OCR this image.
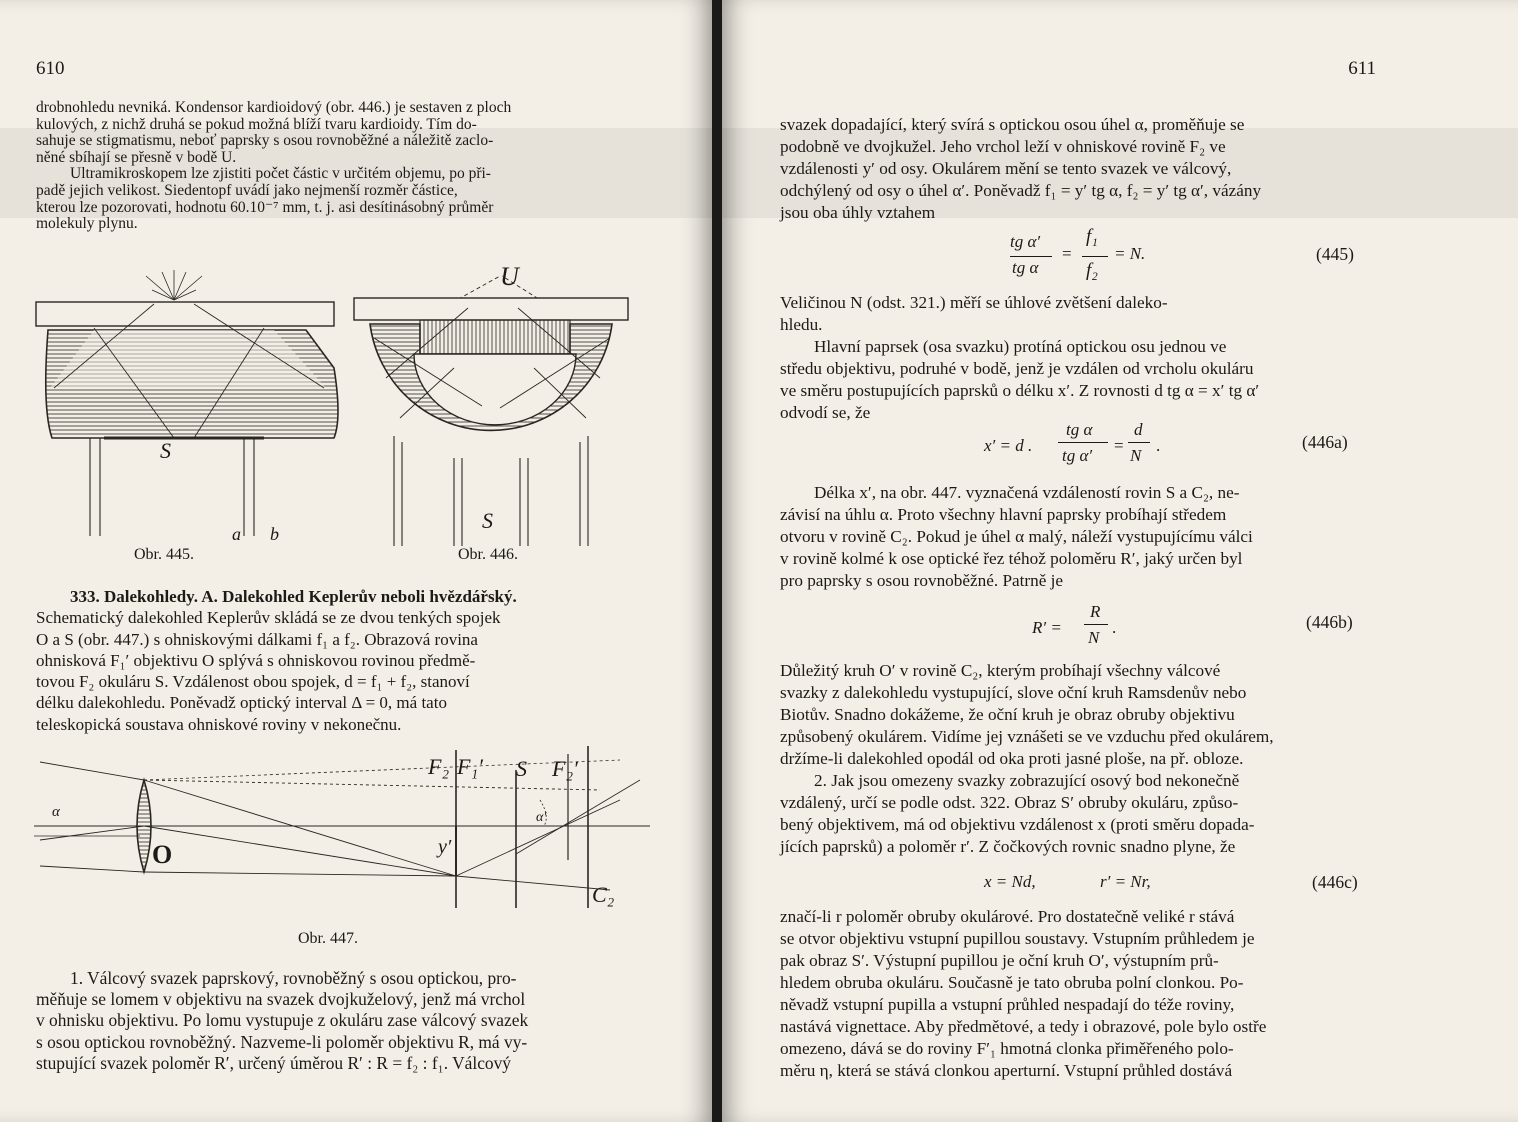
610
drobnohledu nevniká. Kondensor kardioidový (obr. 446.) je sestaven z ploch
kulových, z nichž druhá se pokud možná blíží tvaru kardioidy. Tím do-
sahuje se stigmatismu, neboť paprsky s osou rovnoběžné a náležitě zaclo-
něné sbíhají se přesně v bodě U.
Ultramikroskopem lze zjistiti počet částic v určitém objemu, po při-
padě jejich velikost. Siedentopf uvádí jako nejmenší rozměr částice,
kterou lze pozorovati, hodnotu 60.10⁻⁷ mm, t. j. asi desítinásobný průměr
molekuly plynu.
S
a b
Obr. 445.
U
S
Obr. 446.
333. Dalekohledy. A. Dalekohled Keplerův neboli hvězdářský.
Schematický dalekohled Keplerův skládá se ze dvou tenkých spojek
O a S (obr. 447.) s ohniskovými dálkami f₁ a f₂. Obrazová rovina
ohnisková F₁′ objektivu O splývá s ohniskovou rovinou předmě-
tovou F₂ okuláru S. Vzdálenost obou spojek, d = f₁ + f₂, stanoví
délku dalekohledu. Poněvadž optický interval Δ = 0, má tato
teleskopická soustava ohniskové roviny v nekonečnu.
F₂ F₁′ S F₂′
α	α′
O	y′
C₂
Obr. 447.
1. Válcový svazek paprskový, rovnoběžný s osou optickou, pro-
měňuje se lomem v objektivu na svazek dvojkuželový, jenž má vrchol
v ohnisku objektivu. Po lomu vystupuje z okuláru zase válcový svazek
s osou optickou rovnoběžný. Nazveme-li poloměr objektivu R, má vy-
stupující svazek poloměr R′, určený úměrou R′ : R = f₂ : f₁. Válcový
611
svazek dopadající, který svírá s optickou osou úhel α, proměňuje se
podobně ve dvojkužel. Jeho vrchol leží v ohniskové rovině F₂ ve
vzdálenosti y′ od osy. Okulárem mění se tento svazek ve válcový,
odchýlený od osy o úhel α′. Poněvadž f₁ = y′ tg α, f₂ = y′ tg α′, vázány
jsou oba úhly vztahem
tg α′
tg α
=
f₁
f₂
= N.	(445)
Veličinou N (odst. 321.) měří se úhlové zvětšení daleko-
hledu.
Hlavní paprsek (osa svazku) protíná optickou osu jednou ve
středu objektivu, podruhé v bodě, jenž je vzdálen od vrcholu okuláru
ve směru postupujících paprsků o délku x′. Z rovnosti d tg α = x′ tg α′
odvodí se, že
x′ = d .
tg α
tg α′
=
d
N
.	(446a)
Délka x′, na obr. 447. vyznačená vzdáleností rovin S a C₂, ne-
závisí na úhlu α. Proto všechny hlavní paprsky probíhají středem
otvoru v rovině C₂. Pokud je úhel α malý, náleží vystupujícímu válci
v rovině kolmé k ose optické řez téhož poloměru R′, jaký určen byl
pro paprsky s osou rovnoběžné. Patrně je
R′ =
R
N
.	(446b)
Důležitý kruh O′ v rovině C₂, kterým probíhají všechny válcové
svazky z dalekohledu vystupující, slove oční kruh Ramsdenův nebo
Biotův. Snadno dokážeme, že oční kruh je obraz obruby objektivu
způsobený okulárem. Vidíme jej vznášeti se ve vzduchu před okulárem,
držíme-li dalekohled opodál od oka proti jasné ploše, na př. obloze.
2. Jak jsou omezeny svazky zobrazující osový bod nekonečně
vzdálený, určí se podle odst. 322. Obraz S′ obruby okuláru, způso-
bený objektivem, má od objektivu vzdálenost x (proti směru dopada-
jících paprsků) a poloměr r′. Z čočkových rovnic snadno plyne, že
x = Nd,	r′ = Nr,	(446c)
značí-li r poloměr obruby okulárové. Pro dostatečně veliké r stává
se otvor objektivu vstupní pupillou soustavy. Vstupním průhledem je
pak obraz S′. Výstupní pupillou je oční kruh O′, výstupním prů-
hledem obruba okuláru. Současně je tato obruba polní clonkou. Po-
něvadž vstupní pupilla a vstupní průhled nespadají do téže roviny,
nastává vignettace. Aby předmětové, a tedy i obrazové, pole bylo ostře
omezeno, dává se do roviny F′₁ hmotná clonka přiměřeného polo-
měru η, která se stává clonkou aperturní. Vstupní průhled dostává
